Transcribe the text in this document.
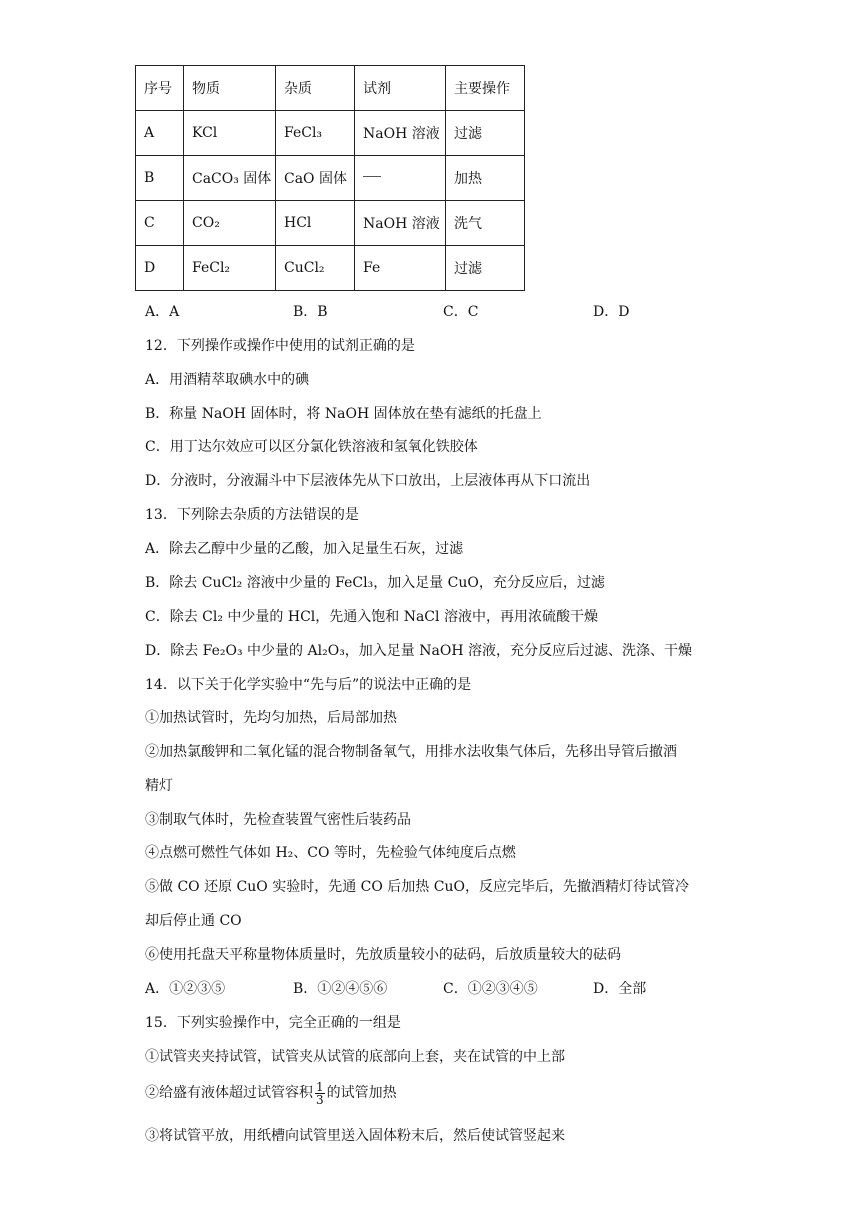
序号	物质	杂质	试剂	主要操作
A	KCl	FeCl₃	NaOH 溶液	过滤
B	CaCO₃ 固体	CaO 固体		加热
C	CO₂	HCl	NaOH 溶液	洗气
D	FeCl₂	CuCl₂	Fe	过滤
A．A	B．B	C．C	D．D
12．下列操作或操作中使用的试剂正确的是
A．用酒精萃取碘水中的碘
B．称量 NaOH 固体时，将 NaOH 固体放在垫有滤纸的托盘上
C．用丁达尔效应可以区分氯化铁溶液和氢氧化铁胶体
D．分液时，分液漏斗中下层液体先从下口放出，上层液体再从下口流出
13．下列除去杂质的方法错误的是
A．除去乙醇中少量的乙酸，加入足量生石灰，过滤
B．除去 CuCl₂ 溶液中少量的 FeCl₃，加入足量 CuO，充分反应后，过滤
C．除去 Cl₂ 中少量的 HCl，先通入饱和 NaCl 溶液中，再用浓硫酸干燥
D．除去 Fe₂O₃ 中少量的 Al₂O₃，加入足量 NaOH 溶液，充分反应后过滤、洗涤、干燥
14．以下关于化学实验中“先与后”的说法中正确的是
①加热试管时，先均匀加热，后局部加热
②加热氯酸钾和二氧化锰的混合物制备氧气，用排水法收集气体后，先移出导管后撤酒
精灯
③制取气体时，先检查装置气密性后装药品
④点燃可燃性气体如 H₂、CO 等时，先检验气体纯度后点燃
⑤做 CO 还原 CuO 实验时，先通 CO 后加热 CuO，反应完毕后，先撤酒精灯待试管冷
却后停止通 CO
⑥使用托盘天平称量物体质量时，先放质量较小的砝码，后放质量较大的砝码
A．①②③⑤	B．①②④⑤⑥	C．①②③④⑤	D．全部
15．下列实验操作中，完全正确的一组是
①试管夹夹持试管，试管夹从试管的底部向上套，夹在试管的中上部
②给盛有液体超过试管容积 $\frac{1}{3}$ 的试管加热
③将试管平放，用纸槽向试管里送入固体粉末后，然后使试管竖起来
